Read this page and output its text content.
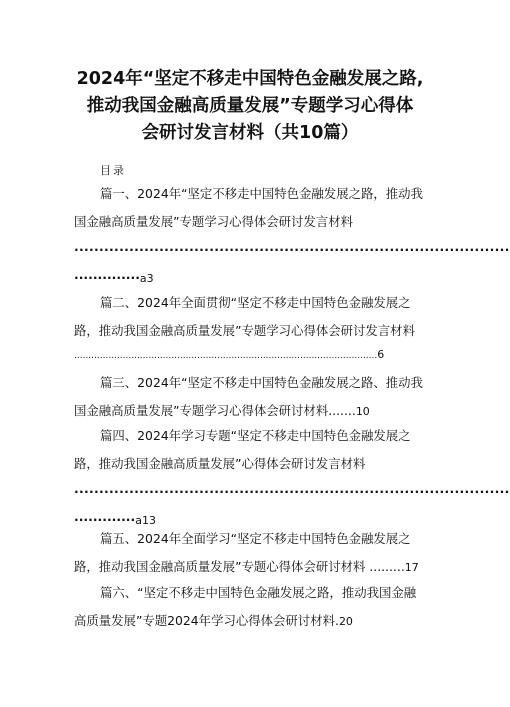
2024年“坚定不移走中国特色金融发展之路,
推动我国金融高质量发展”专题学习心得体
会研讨发言材料（共10篇）
目录
篇一、2024年“坚定不移走中国特色金融发展之路，推动我
国金融高质量发展”专题学习心得体会研讨发言材料
·······················································································
··············a3
篇二、2024年全面贯彻“坚定不移走中国特色金融发展之
路，推动我国金融高质量发展”专题学习心得体会研讨发言材料
..........................................................................................................6
篇三、2024年“坚定不移走中国特色金融发展之路、推动我
国金融高质量发展”专题学习心得体会研讨材料.......10
篇四、2024年学习专题“坚定不移走中国特色金融发展之
路，推动我国金融高质量发展”心得体会研讨发言材料
·······················································································
·············a13
篇五、2024年全面学习“坚定不移走中国特色金融发展之
路，推动我国金融高质量发展”专题心得体会研讨材料 .........17
篇六、“坚定不移走中国特色金融发展之路，推动我国金融
高质量发展”专题2024年学习心得体会研讨材料.20
